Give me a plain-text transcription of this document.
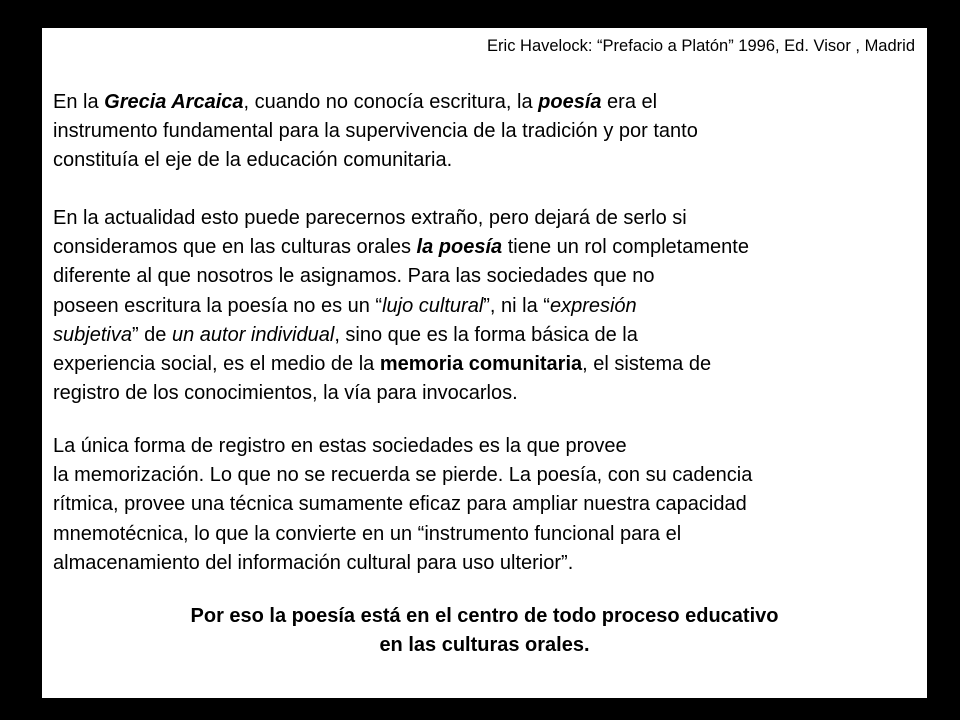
Eric Havelock: “Prefacio a Platón” 1996, Ed. Visor , Madrid
En la Grecia Arcaica, cuando no conocía escritura, la poesía era el
instrumento fundamental para la supervivencia de la tradición y por tanto
constituía el eje de la educación comunitaria.
En la actualidad esto puede parecernos extraño, pero dejará de serlo si
consideramos que en las culturas orales la poesía tiene un rol completamente
diferente al que nosotros le asignamos. Para las sociedades que no
poseen escritura la poesía no es un “lujo cultural”, ni la “expresión
subjetiva” de un autor individual, sino que es la forma básica de la
experiencia social, es el medio de la memoria comunitaria, el sistema de
registro de los conocimientos, la vía para invocarlos.
La única forma de registro en estas sociedades es la que provee
la memorización. Lo que no se recuerda se pierde. La poesía, con su cadencia
rítmica, provee una técnica sumamente eficaz para ampliar nuestra capacidad
mnemotécnica, lo que la convierte en un “instrumento funcional para el
almacenamiento del información cultural para uso ulterior”.
Por eso la poesía está en el centro de todo proceso educativo
en las culturas orales.
